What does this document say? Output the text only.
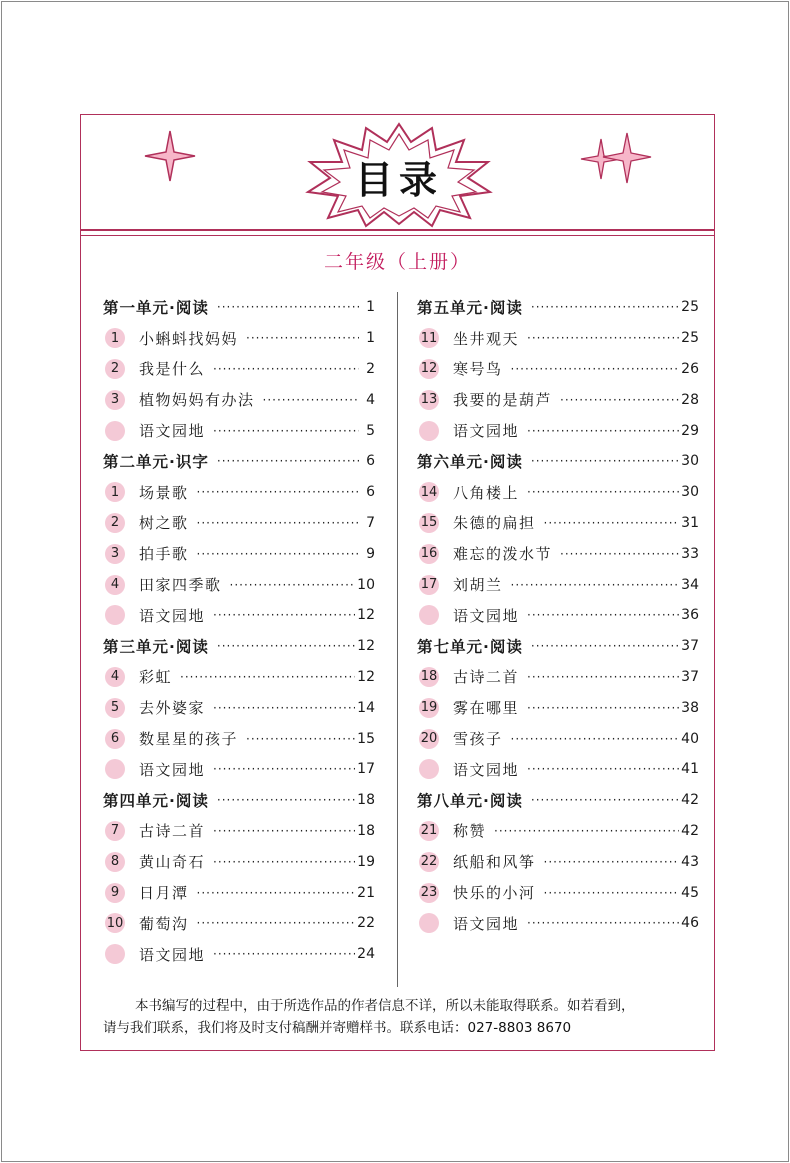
目录
二年级（上册）
第一单元·阅读 ·····	1
1	小蝌蚪找妈妈 ·····	1
2	我是什么 ·····	2
3	植物妈妈有办法 ·····	4
语文园地 ·····	5
第二单元·识字 ·····	6
1	场景歌 ·····	6
2	树之歌 ·····	7
3	拍手歌 ·····	9
4	田家四季歌 ·····	10
语文园地 ·····	12
第三单元·阅读 ·····	12
4	彩虹 ·····	12
5	去外婆家 ·····	14
6	数星星的孩子 ·····	15
语文园地 ·····	17
第四单元·阅读 ·····	18
7	古诗二首 ·····	18
8	黄山奇石 ·····	19
9	日月潭 ·····	21
10 葡萄沟 ·····	22
语文园地 ·····	24
第五单元·阅读 ·····	25
11 坐井观天 ·····	25
12 寒号鸟 ·····	26
13 我要的是葫芦 ·····	28
语文园地 ·····	29
第六单元·阅读 ·····	30
14 八角楼上 ·····	30
15 朱德的扁担 ·····	31
16 难忘的泼水节 ·····	33
17 刘胡兰 ·····	34
语文园地 ·····	36
第七单元·阅读 ·····	37
18 古诗二首 ·····	37
19 雾在哪里 ·····	38
20 雪孩子 ·····	40
语文园地 ·····	41
第八单元·阅读 ·····	42
21 称赞 ·····	42
22 纸船和风筝 ·····	43
23 快乐的小河 ·····	45
语文园地 ·····	46

本书编写的过程中，由于所选作品的作者信息不详，所以未能取得联系。如若看到，

请与我们联系，我们将及时支付稿酬并寄赠样书。联系电话：027-8803 8670
